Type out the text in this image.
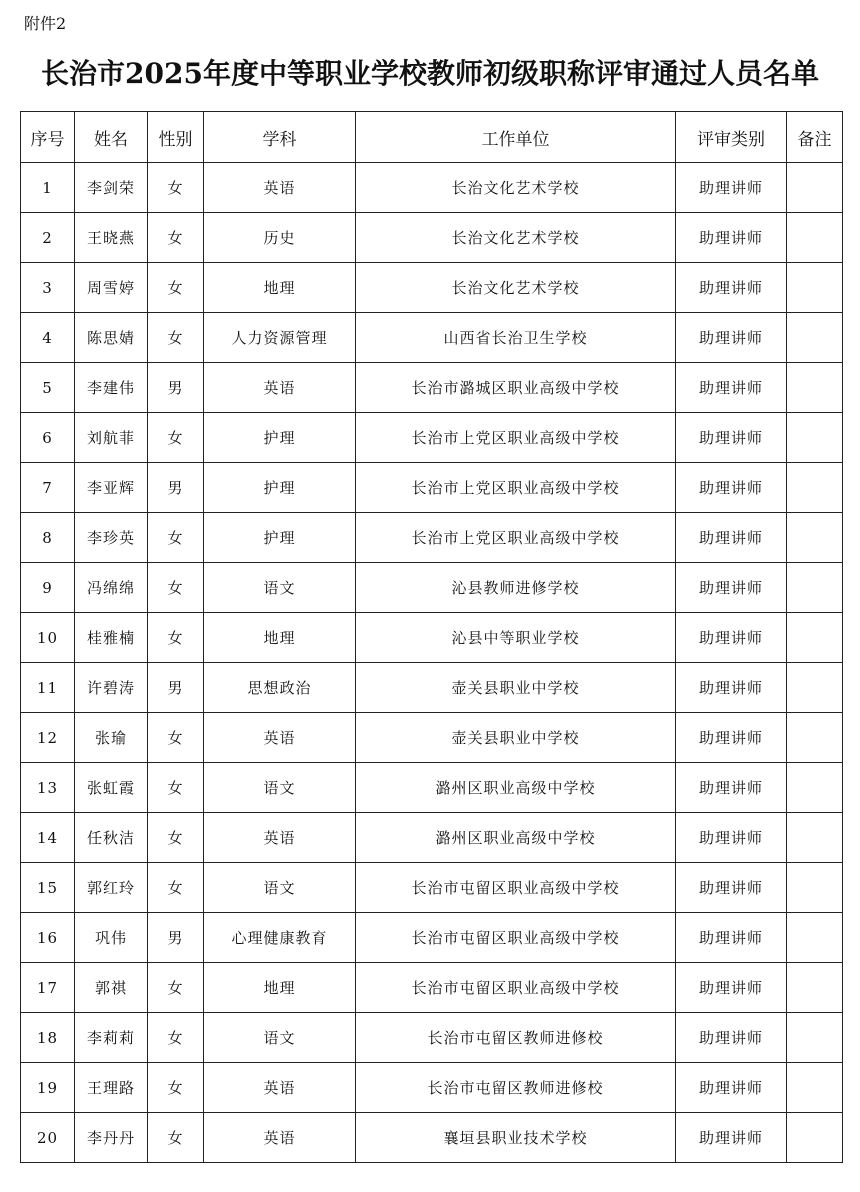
附件2
长治市2025年度中等职业学校教师初级职称评审通过人员名单
序号	姓名	性别	学科	工作单位	评审类别	备注
1	李剑荣	女	英语	长治文化艺术学校	助理讲师	
2	王晓燕	女	历史	长治文化艺术学校	助理讲师	
3	周雪婷	女	地理	长治文化艺术学校	助理讲师	
4	陈思婧	女	人力资源管理	山西省长治卫生学校	助理讲师	
5	李建伟	男	英语	长治市潞城区职业高级中学校	助理讲师	
6	刘航菲	女	护理	长治市上党区职业高级中学校	助理讲师	
7	李亚辉	男	护理	长治市上党区职业高级中学校	助理讲师	
8	李珍英	女	护理	长治市上党区职业高级中学校	助理讲师	
9	冯绵绵	女	语文	沁县教师进修学校	助理讲师	
10	桂雅楠	女	地理	沁县中等职业学校	助理讲师	
11	许碧涛	男	思想政治	壶关县职业中学校	助理讲师	
12	张瑜	女	英语	壶关县职业中学校	助理讲师	
13	张虹霞	女	语文	潞州区职业高级中学校	助理讲师	
14	任秋洁	女	英语	潞州区职业高级中学校	助理讲师	
15	郭红玲	女	语文	长治市屯留区职业高级中学校	助理讲师	
16	巩伟	男	心理健康教育	长治市屯留区职业高级中学校	助理讲师	
17	郭祺	女	地理	长治市屯留区职业高级中学校	助理讲师	
18	李莉莉	女	语文	长治市屯留区教师进修校	助理讲师	
19	王理路	女	英语	长治市屯留区教师进修校	助理讲师	
20	李丹丹	女	英语	襄垣县职业技术学校	助理讲师	
